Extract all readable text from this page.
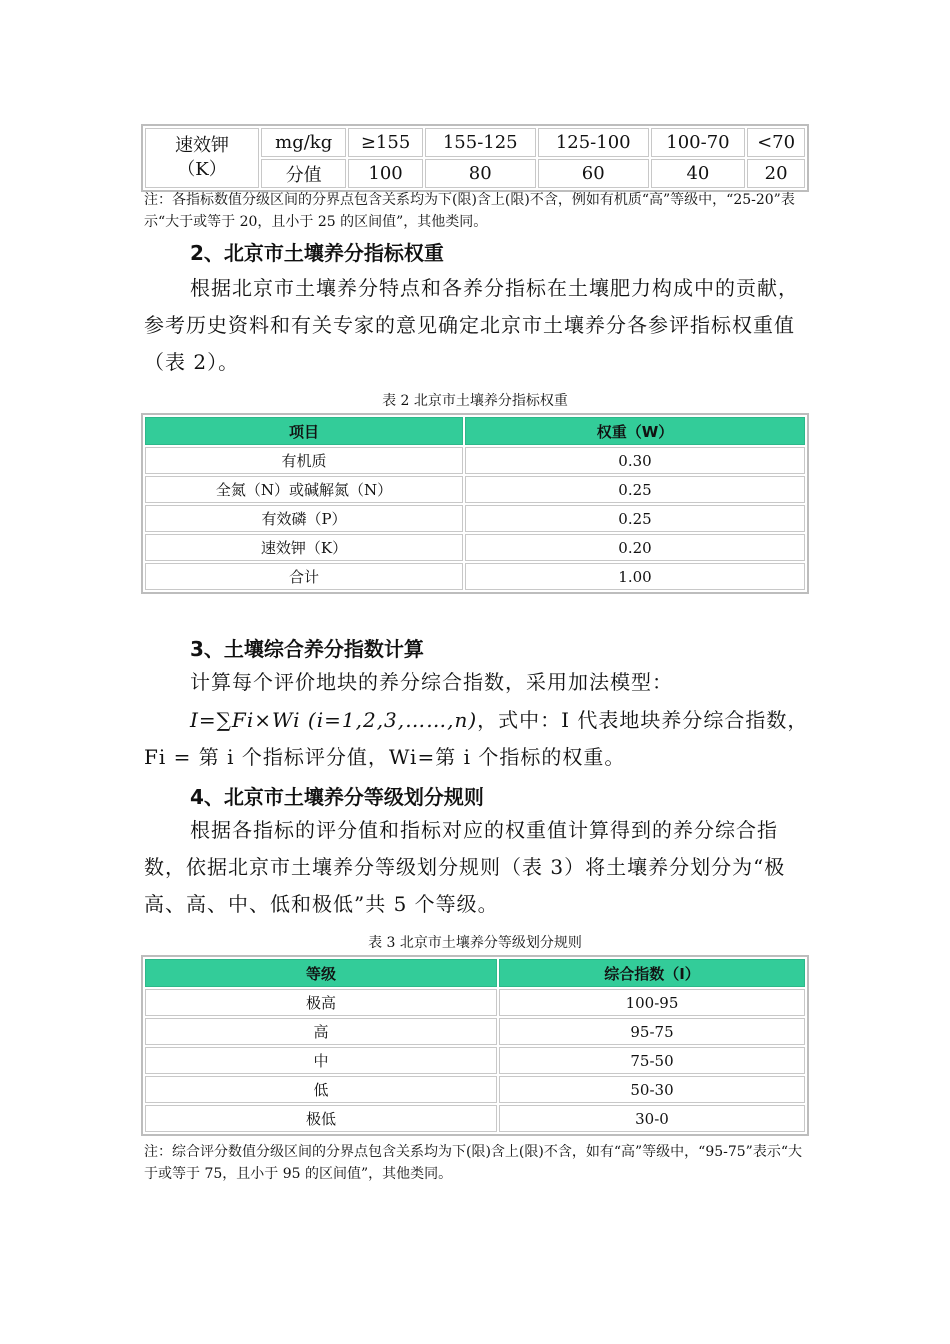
速效钾
（K）	mg/kg	≥155	155-125	125-100	100-70	<70
	分值	100	80	60	40	20
注：各指标数值分级区间的分界点包含关系均为下(限)含上(限)不含，例如有机质“高”等级中，“25-20”表示“大于或等于 20，且小于 25 的区间值”，其他类同。
2、北京市土壤养分指标权重
根据北京市土壤养分特点和各养分指标在土壤肥力构成中的贡献，参考历史资料和有关专家的意见确定北京市土壤养分各参评指标权重值（表 2）。
表 2 北京市土壤养分指标权重
项目	权重（W）
有机质	0.30
全氮（N）或碱解氮（N）	0.25
有效磷（P）	0.25
速效钾（K）	0.20
合计	1.00
3、土壤综合养分指数计算
计算每个评价地块的养分综合指数，采用加法模型：
I=∑Fi×Wi (i=1,2,3,……,n)，式中：I 代表地块养分综合指数，Fi = 第 i 个指标评分值，Wi=第 i 个指标的权重。
4、北京市土壤养分等级划分规则
根据各指标的评分值和指标对应的权重值计算得到的养分综合指数，依据北京市土壤养分等级划分规则（表 3）将土壤养分划分为“极高、高、中、低和极低”共 5 个等级。
表 3 北京市土壤养分等级划分规则
等级	综合指数（I）
极高	100-95
高	95-75
中	75-50
低	50-30
极低	30-0
注：综合评分数值分级区间的分界点包含关系均为下(限)含上(限)不含，如有“高”等级中，“95-75”表示“大于或等于 75，且小于 95 的区间值”，其他类同。
